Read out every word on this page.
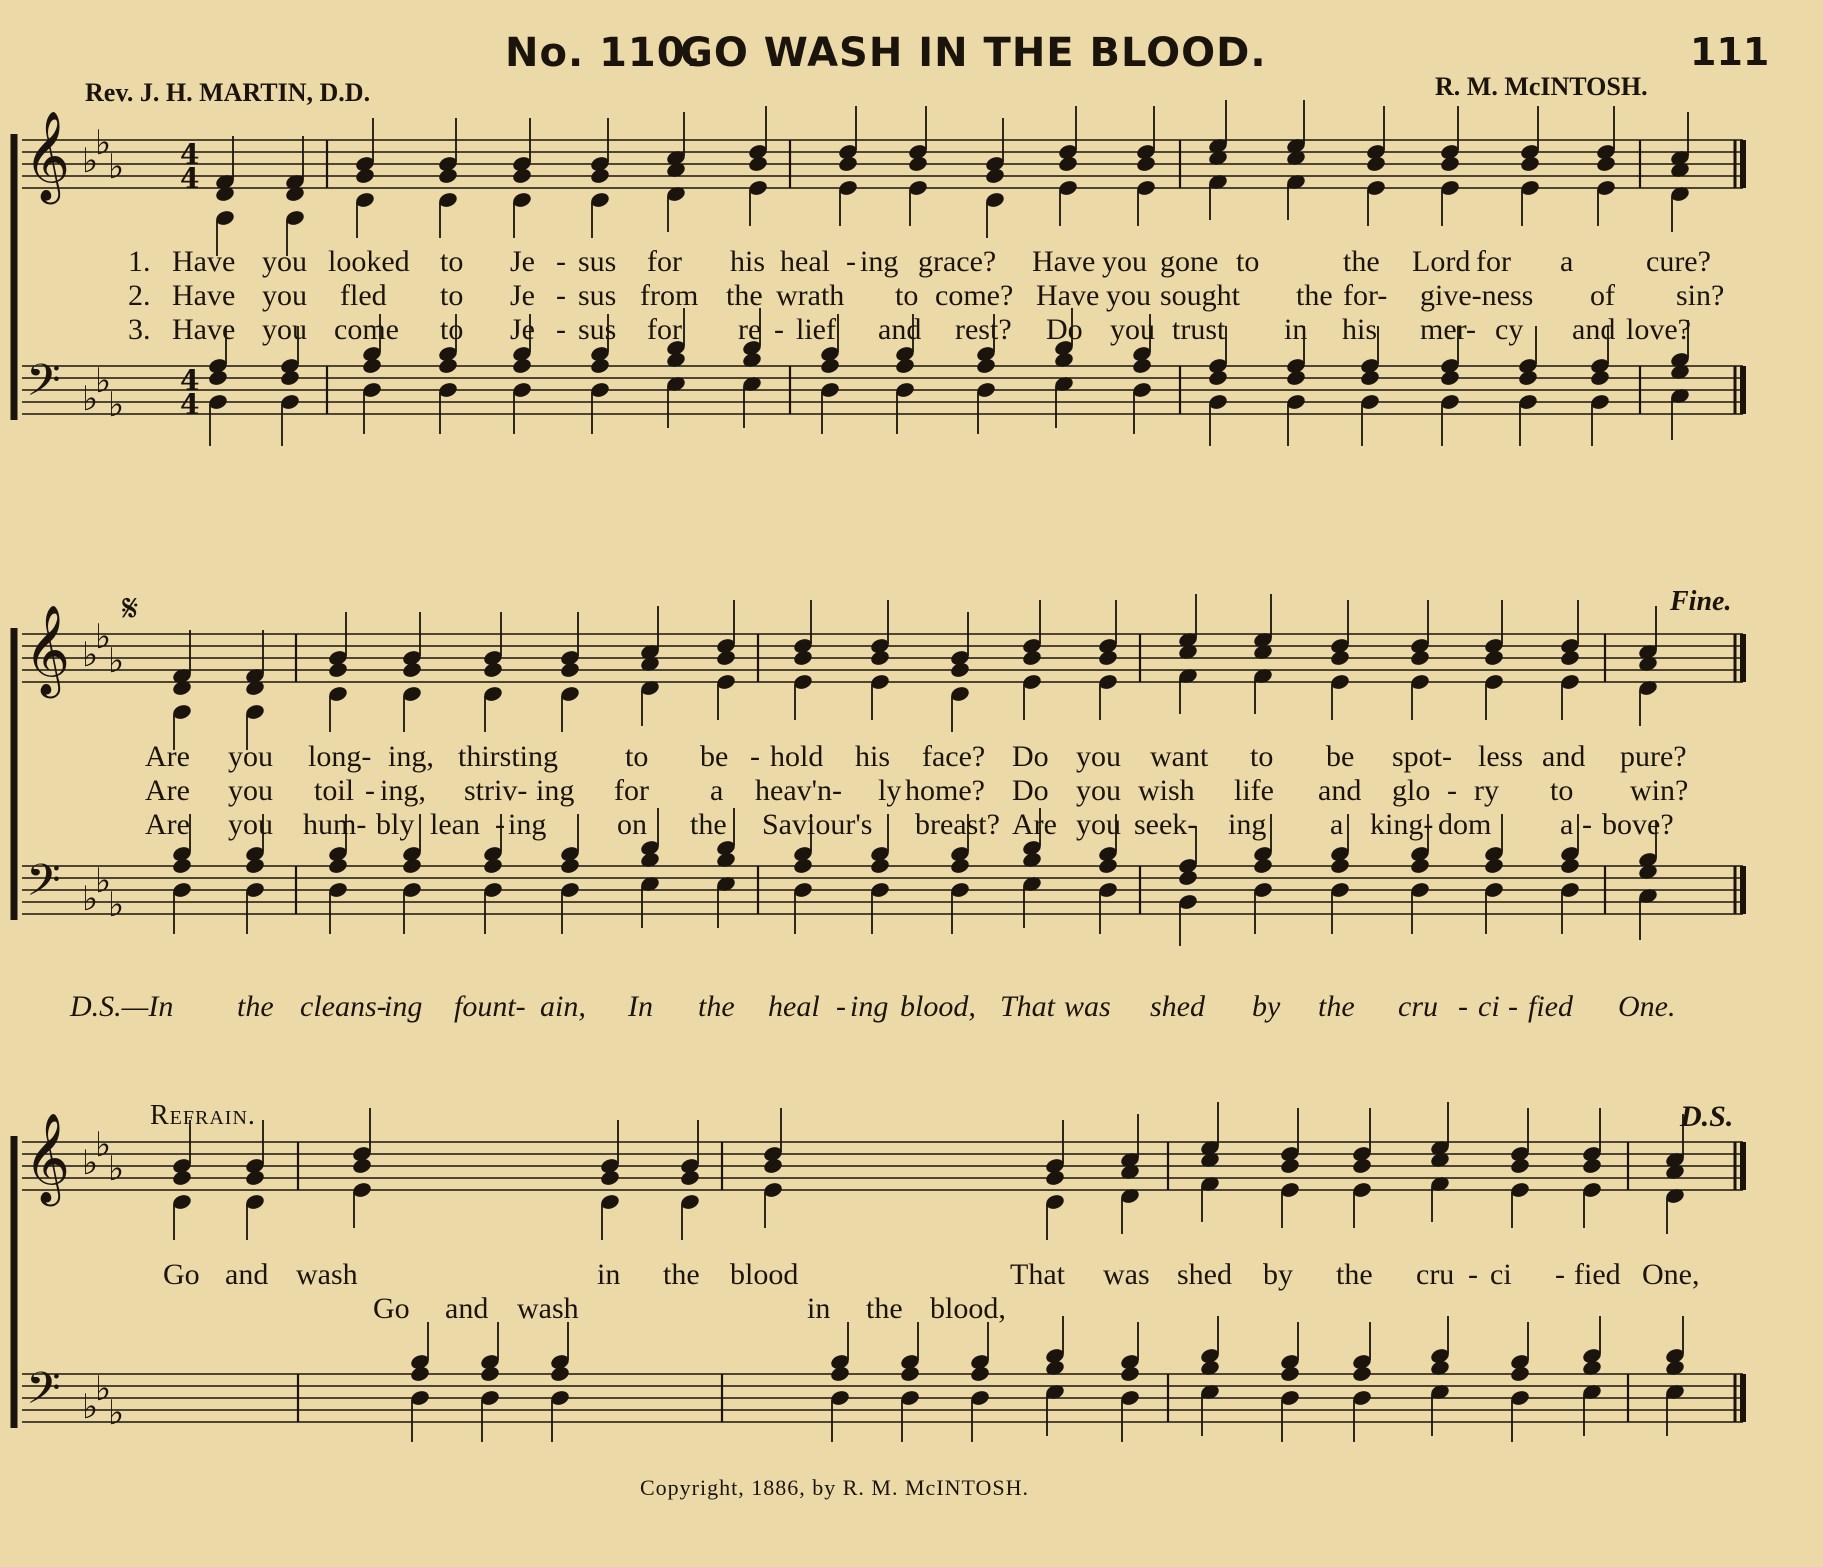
No. 110.
GO WASH IN THE BLOOD.	111
Rev. J. H. MARTIN, D.D.	R. M. McINTOSH.
𝄞
𝄢
♭
♭
♭
♭
♭
♭
4
4
4
4
𝄞
𝄢
♭
♭
♭
♭
♭
♭
𝄞
𝄢
♭
♭
♭
♭
♭
♭
1. Have you looked to Je - sus for his heal - ing grace? Have you gone to	the Lord for a cure?
2. Have you fled to Je - sus from the wrath to come? Have you sought the for- give-ness of sin?
3. Have you come to Je - sus for re - lief and rest? Do you trust in his mer- cy and love?
𝄋	Fine.
Are you long- ing, thirsting to be - hold his face? Do you want to be spot- less and pure?
Are you toil - ing, striv- ing for a heav'n- ly home? Do you wish life and glo - ry to win?
Are you hum- bly lean - ing on the Saviour's breast? Are you seek- ing a king- dom a - bove?
D.S.—In the cleans-
ing fount- ain, In the heal - ing blood, That was shed by the cru - ci - fied One.
Refrain.	D.S.
Go and wash	in the blood	That was shed by the cru - ci - fied One,
Go and wash	in the blood,
Copyright, 1886, by R. M. McINTOSH.
